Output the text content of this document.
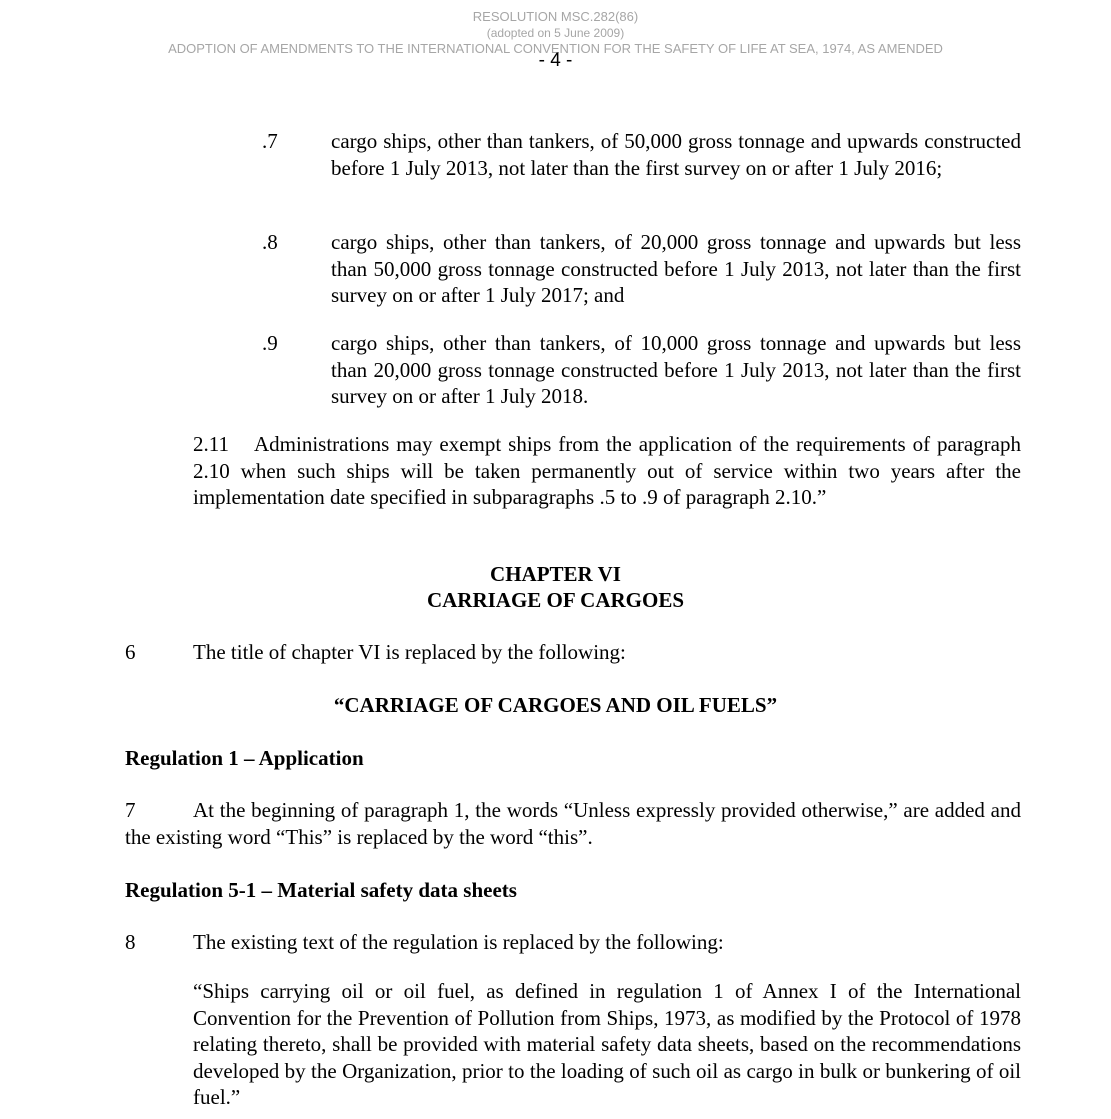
RESOLUTION MSC.282(86)
(adopted on 5 June 2009)
ADOPTION OF AMENDMENTS TO THE INTERNATIONAL CONVENTION FOR THE SAFETY OF LIFE AT SEA, 1974, AS AMENDED
- 4 -
.7	cargo ships, other than tankers, of 50,000 gross tonnage and upwards constructed before 1 July 2013, not later than the first survey on or after 1 July 2016;
.8	cargo ships, other than tankers, of 20,000 gross tonnage and upwards but less than 50,000 gross tonnage constructed before 1 July 2013, not later than the first survey on or after 1 July 2017; and
.9	cargo ships, other than tankers, of 10,000 gross tonnage and upwards but less than 20,000 gross tonnage constructed before 1 July 2013, not later than the first survey on or after 1 July 2018.
2.11 Administrations may exempt ships from the application of the requirements of paragraph 2.10 when such ships will be taken permanently out of service within two years after the implementation date specified in subparagraphs .5 to .9 of paragraph 2.10.”
CHAPTER VI
CARRIAGE OF CARGOES
6	The title of chapter VI is replaced by the following:
“CARRIAGE OF CARGOES AND OIL FUELS”
Regulation 1 – Application
7	At the beginning of paragraph 1, the words “Unless expressly provided otherwise,” are added and the existing word “This” is replaced by the word “this”.
Regulation 5-1 – Material safety data sheets
8	The existing text of the regulation is replaced by the following:
“Ships carrying oil or oil fuel, as defined in regulation 1 of Annex I of the International Convention for the Prevention of Pollution from Ships, 1973, as modified by the Protocol of 1978 relating thereto, shall be provided with material safety data sheets, based on the recommendations developed by the Organization, prior to the loading of such oil as cargo in bulk or bunkering of oil fuel.”
